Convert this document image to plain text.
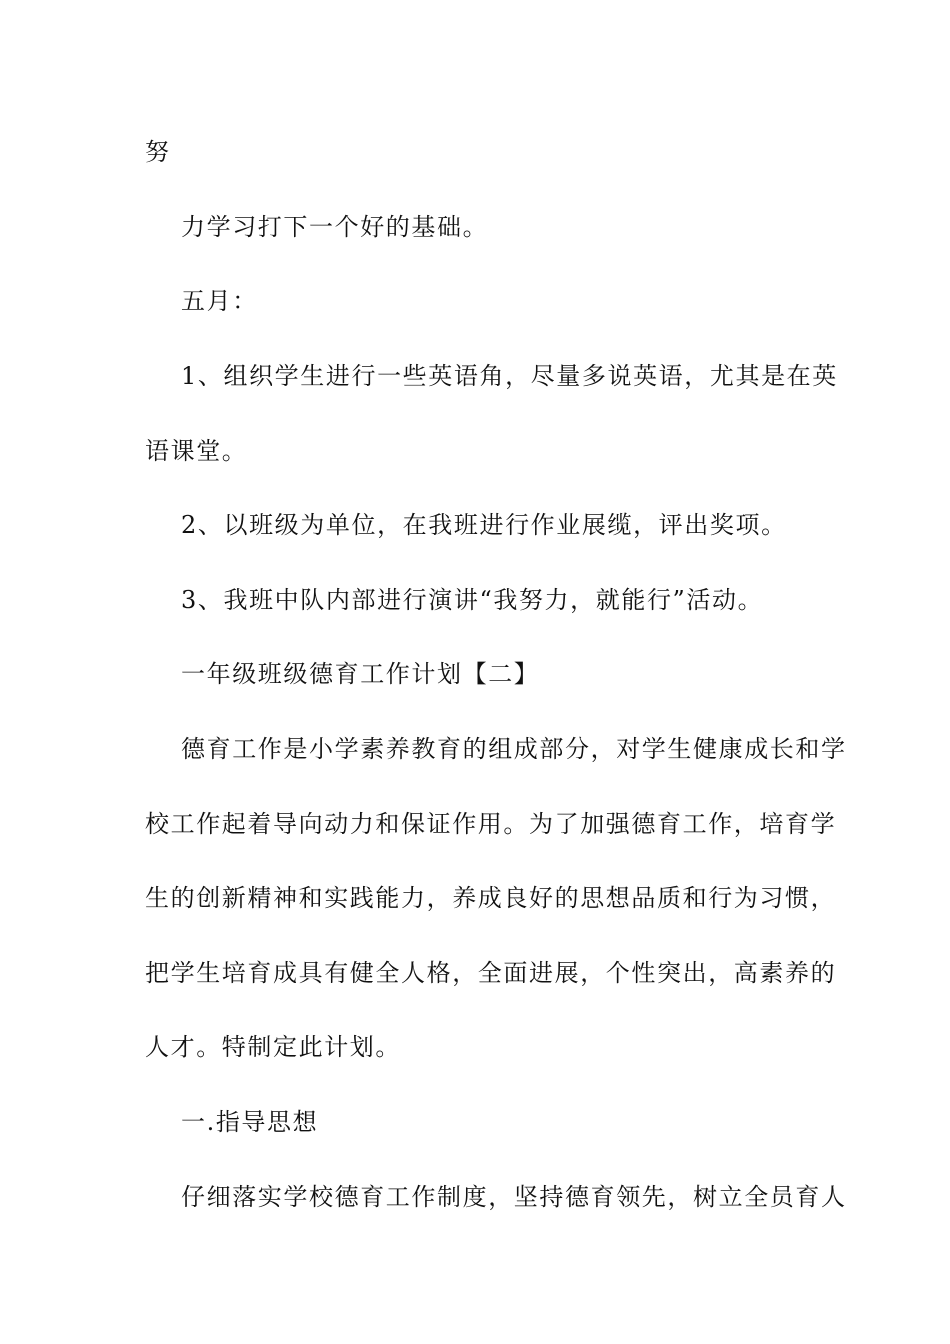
努
力学习打下一个好的基础。
五月：
1、组织学生进行一些英语角，尽量多说英语，尤其是在英
语课堂。
2、以班级为单位，在我班进行作业展缆，评出奖项。
3、我班中队内部进行演讲“我努力，就能行”活动。
一年级班级德育工作计划【二】
德育工作是小学素养教育的组成部分，对学生健康成长和学
校工作起着导向动力和保证作用。为了加强德育工作，培育学
生的创新精神和实践能力，养成良好的思想品质和行为习惯，
把学生培育成具有健全人格，全面进展，个性突出，高素养的
人才。特制定此计划。
一.指导思想
仔细落实学校德育工作制度，坚持德育领先，树立全员育人
